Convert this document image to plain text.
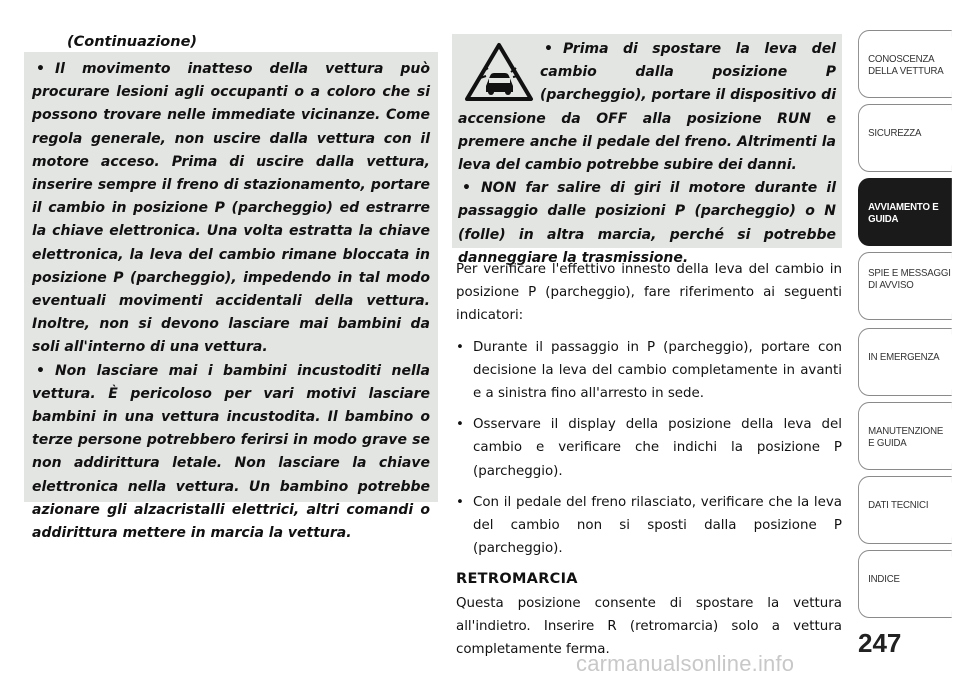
(Continuazione)

• Il movimento inatteso della vettura può procurare lesioni agli occupanti o a coloro che si possono trovare nelle immediate vicinanze. Come regola generale, non uscire dalla vettura con il motore acceso. Prima di uscire dalla vettura, inserire sempre il freno di stazionamento, portare il cambio in posizione P (parcheggio) ed estrarre la chiave elettronica. Una volta estratta la chiave elettronica, la leva del cambio rimane bloccata in posizione P (parcheggio), impedendo in tal modo eventuali movimenti accidentali della vettura. Inoltre, non si devono lasciare mai bambini da soli all'interno di una vettura.

• Non lasciare mai i bambini incustoditi nella vettura. È pericoloso per vari motivi lasciare bambini in una vettura incustodita. Il bambino o terze persone potrebbero ferirsi in modo grave se non addirittura letale. Non lasciare la chiave elettronica nella vettura. Un bambino potrebbe azionare gli alzacristalli elettrici, altri comandi o addirittura mettere in marcia la vettura.

• Prima di spostare la leva del cambio dalla posizione P (parcheggio), portare il dispositivo di accensione da OFF alla posizione RUN e premere anche il pedale del freno. Altrimenti la leva del cambio potrebbe subire dei danni.

• NON far salire di giri il motore durante il passaggio dalle posizioni P (parcheggio) o N (folle) in altra marcia, perché si potrebbe danneggiare la trasmissione.

Per verificare l'effettivo innesto della leva del cambio in posizione P (parcheggio), fare riferimento ai seguenti indicatori:

• Durante il passaggio in P (parcheggio), portare con decisione la leva del cambio completamente in avanti e a sinistra fino all'arresto in sede.
• Osservare il display della posizione della leva del cambio e verificare che indichi la posizione P (parcheggio).
• Con il pedale del freno rilasciato, verificare che la leva del cambio non si sposti dalla posizione P (parcheggio).
RETROMARCIA

Questa posizione consente di spostare la vettura all'indietro. Inserire R (retromarcia) solo a vettura completamente ferma.

CONOSCENZA DELLA VETTURA
SICUREZZA
AVVIAMENTO E GUIDA
SPIE E MESSAGGI DI AVVISO
IN EMERGENZA
MANUTENZIONE E GUIDA
DATI TECNICI
INDICE
247
carmanualsonline.info
